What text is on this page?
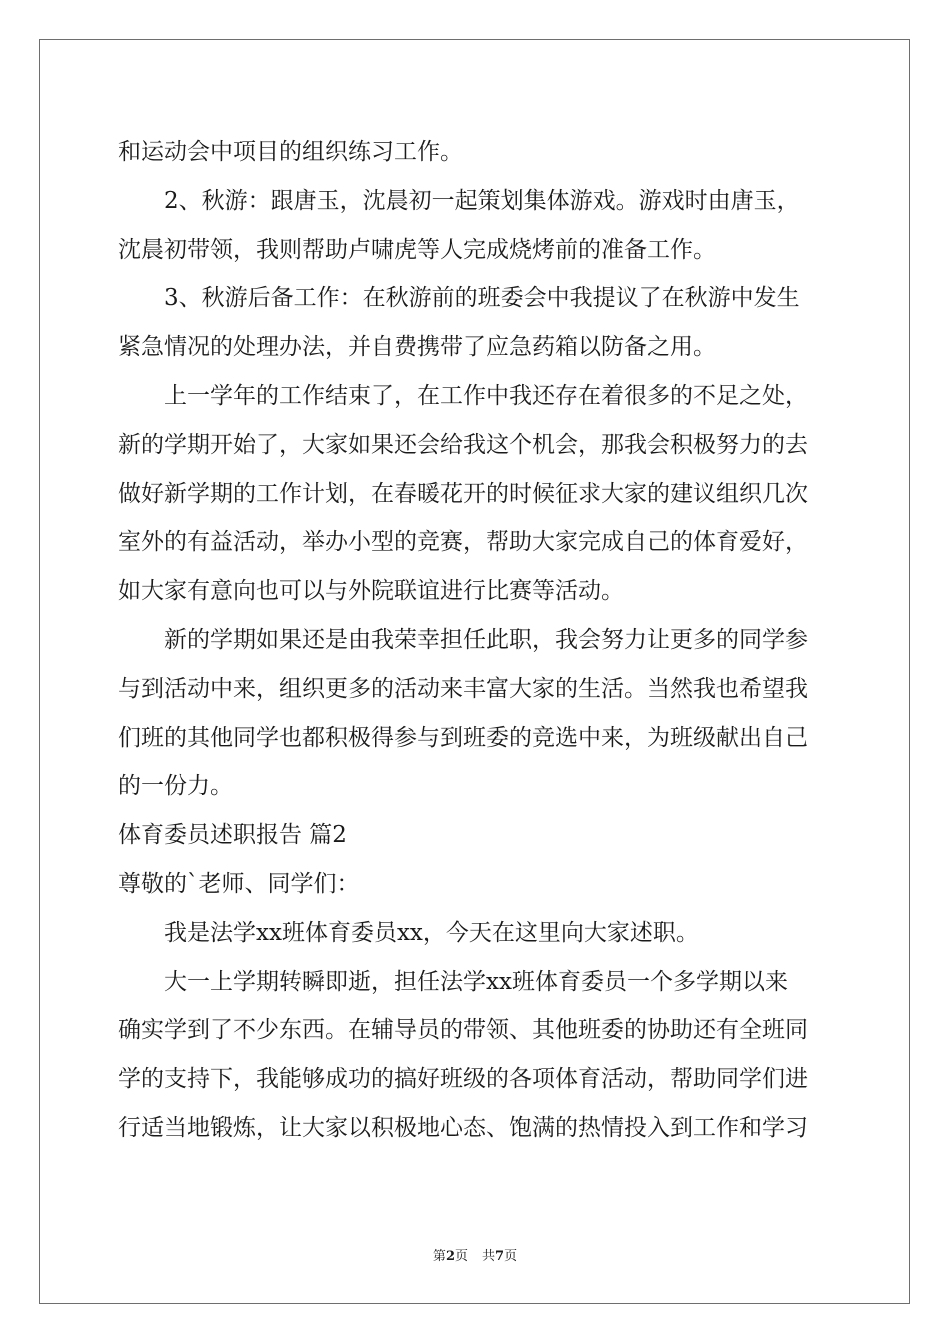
和运动会中项目的组织练习工作。
2、秋游：跟唐玉，沈晨初一起策划集体游戏。游戏时由唐玉，
沈晨初带领，我则帮助卢啸虎等人完成烧烤前的准备工作。
3、秋游后备工作：在秋游前的班委会中我提议了在秋游中发生
紧急情况的处理办法，并自费携带了应急药箱以防备之用。
上一学年的工作结束了，在工作中我还存在着很多的不足之处，
新的学期开始了，大家如果还会给我这个机会，那我会积极努力的去
做好新学期的工作计划，在春暖花开的时候征求大家的建议组织几次
室外的有益活动，举办小型的竞赛，帮助大家完成自己的体育爱好，
如大家有意向也可以与外院联谊进行比赛等活动。
新的学期如果还是由我荣幸担任此职，我会努力让更多的同学参
与到活动中来，组织更多的活动来丰富大家的生活。当然我也希望我
们班的其他同学也都积极得参与到班委的竞选中来，为班级献出自己
的一份力。
体育委员述职报告 篇2
尊敬的`老师、同学们：
我是法学xx班体育委员xx，今天在这里向大家述职。
大一上学期转瞬即逝，担任法学xx班体育委员一个多学期以来
确实学到了不少东西。在辅导员的带领、其他班委的协助还有全班同
学的支持下，我能够成功的搞好班级的各项体育活动，帮助同学们进
行适当地锻炼，让大家以积极地心态、饱满的热情投入到工作和学习
第2页 共7页
